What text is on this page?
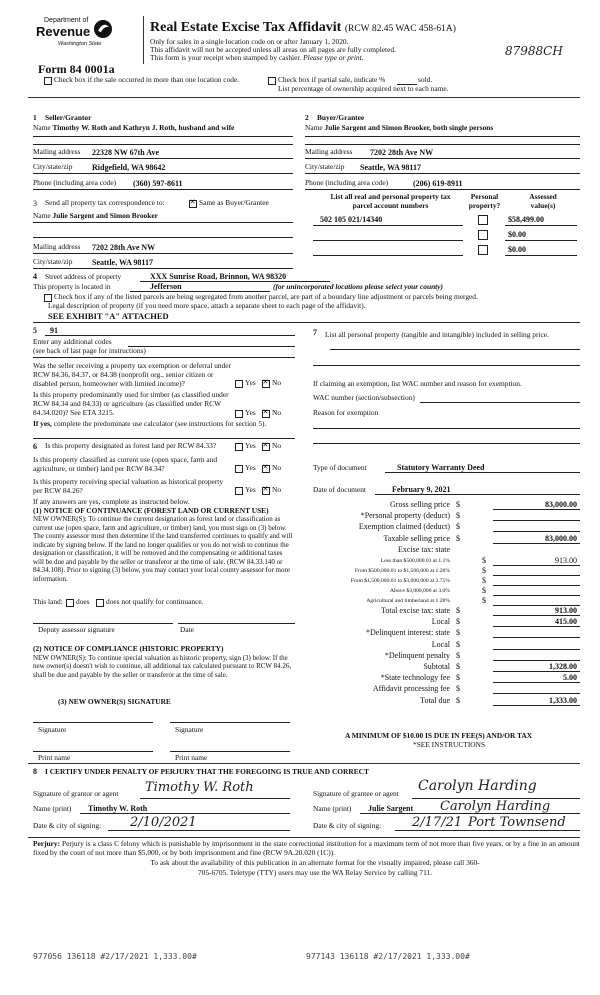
Department of
Revenue
Washington State
Real Estate Excise Tax Affidavit (RCW 82.45 WAC 458-61A)
Only for sales in a single location code on or after January 1, 2020.
This affidavit will not be accepted unless all areas on all pages are fully completed.
This form is your receipt when stamped by cashier. Please type or print.	87988CH
Form 84 0001a
Check box if the sale occurred in more than one location code.	Check box if partial sale, indicate %	sold.
List percentage of ownership acquired next to each name.
1 Seller/Grantor
Name Timothy W. Roth and Kathryn J. Roth, husband and wife
2 Buyer/Grantee
Name Julie Sargent and Simon Brooker, both single persons
Mailing address 22328 NW 67th Ave
City/state/zip Ridgefield, WA 98642
Phone (including area code) (360) 597-8611
Mailing address 7202 28th Ave NW
City/state/zip Seattle, WA 98117
Phone (including area code)	(206) 619-8911
3 Send all property tax correspondence to: ✕	Same as Buyer/Grantee
Name Julie Sargent and Simon Brooker
Mailing address 7202 28th Ave NW
City/state/zip Seattle, WA 98117
List all real and personal property tax
parcel account numbers
Personal
property?
Assessed
value(s)
502 105 021/14340	$58,499.00
$0.00
$0.00
4 Street address of property	XXX Sunrise Road, Brinnon, WA 98320
This property is located in	Jefferson	(for unincorporated locations please select your county)
Check box if any of the listed parcels are being segregated from another parcel, are part of a boundary line adjustment or parcels being merged.
Legal description of property (if you need more space, attach a separate sheet to each page of the affidavit).
SEE EXHIBIT "A" ATTACHED
5 91
Enter any additional codes
(see back of last page for instructions)
Was the seller receiving a property tax exemption or deferral under RCW 84.36, 84.37, or 84.38 (nonprofit org., senior citizen or disabled person, homeowner with limited income)?	Yes ✕ No
Is this property predominantly used for timber (as classified under RCW 84.34 and 84.33) or agriculture (as classified under RCW 84.34.020)? See ETA 3215.	Yes ✕ No
If yes, complete the predominate use calculator (see instructions for section 5).
6 Is this property designated as forest land per RCW 84.33?	Yes ✕ No
Is this property classified as current use (open space, farm and agriculture, or timber) land per RCW 84.34?	Yes ✕ No
Is this property receiving special valuation as historical property per RCW 84.26?	Yes ✕ No
If any answers are yes, complete as instructed below.
(1) NOTICE OF CONTINUANCE (FOREST LAND OR CURRENT USE)
NEW OWNER(S): To continue the current designation as forest land or classification as current use (open space, farm and agriculture, or timber) land, you must sign on (3) below. The county assessor must then determine if the land transferred continues to qualify and will indicate by signing below. If the land no longer qualifies or you do not wish to continue the designation or classification, it will be removed and the compensating or additional taxes will be due and payable by the seller or transferor at the time of sale. (RCW 84.33.140 or 84.34.108). Prior to signing (3) below, you may contact your local county assessor for more information.
This land: does does not qualify for continuance.
Deputy assessor signature	Date
(2) NOTICE OF COMPLIANCE (HISTORIC PROPERTY)
NEW OWNER(S): To continue special valuation as historic property, sign (3) below. If the new owner(s) doesn't wish to continue, all additional tax calculated pursuant to RCW 84.26, shall be due and payable by the seller or transferor at the time of sale.
(3) NEW OWNER(S) SIGNATURE
Signature	Signature
Print name	Print name
7	List all personal property (tangible and intangible) included in selling price.
If claiming an exemption, list WAC number and reason for exemption.
WAC number (section/subsection)
Reason for exemption
Type of document	Statutory Warranty Deed
Date of document	February 9, 2021
Gross selling price $	83,000.00
*Personal property (deduct) $
Exemption claimed (deduct) $
Taxable selling price $	83,000.00
Excise tax: state
Less than $500,000.01 at 1.1%	$	913.00
From $500,000.01 to $1,500,000 at 1.28%	$
From $1,500,000.01 to $3,000,000 at 2.75%	$
Above $3,000,000 at 3.0%	$
Agricultural and timberland at 1.28%	$
Total excise tax: state $	913.00
Local $	415.00
*Delinquent interest: state $
Local $
*Delinquent penalty $
Subtotal $	1,328.00
*State technology fee $	5.00
Affidavit processing fee $
Total due $	1,333.00
A MINIMUM OF $10.00 IS DUE IN FEE(S) AND/OR TAX
*SEE INSTRUCTIONS
8 I CERTIFY UNDER PENALTY OF PERJURY THAT THE FOREGOING IS TRUE AND CORRECT
Signature of grantor or agent Timothy W. Roth
Name (print) Timothy W. Roth
Date & city of signing: 2/10/2021
Signature of grantee or agent Carolyn Harding
Name (print) Julie Sargent Carolyn Harding
Date & city of signing: 2/17/21 Port Townsend
Perjury: Perjury is a class C felony which is punishable by imprisonment in the state correctional institution for a maximum term of not more than five years, or by a fine in an amount fixed by the court of not more than $5,000, or by both imprisonment and fine (RCW 9A.20.020 (1C)).
To ask about the availability of this publication in an alternate format for the visually impaired, please call 360-705-6705. Teletype (TTY) users may use the WA Relay Service by calling 711.
977056 136118 #2/17/2021 1,333.00#	977143 136118 #2/17/2021 1,333.00#
